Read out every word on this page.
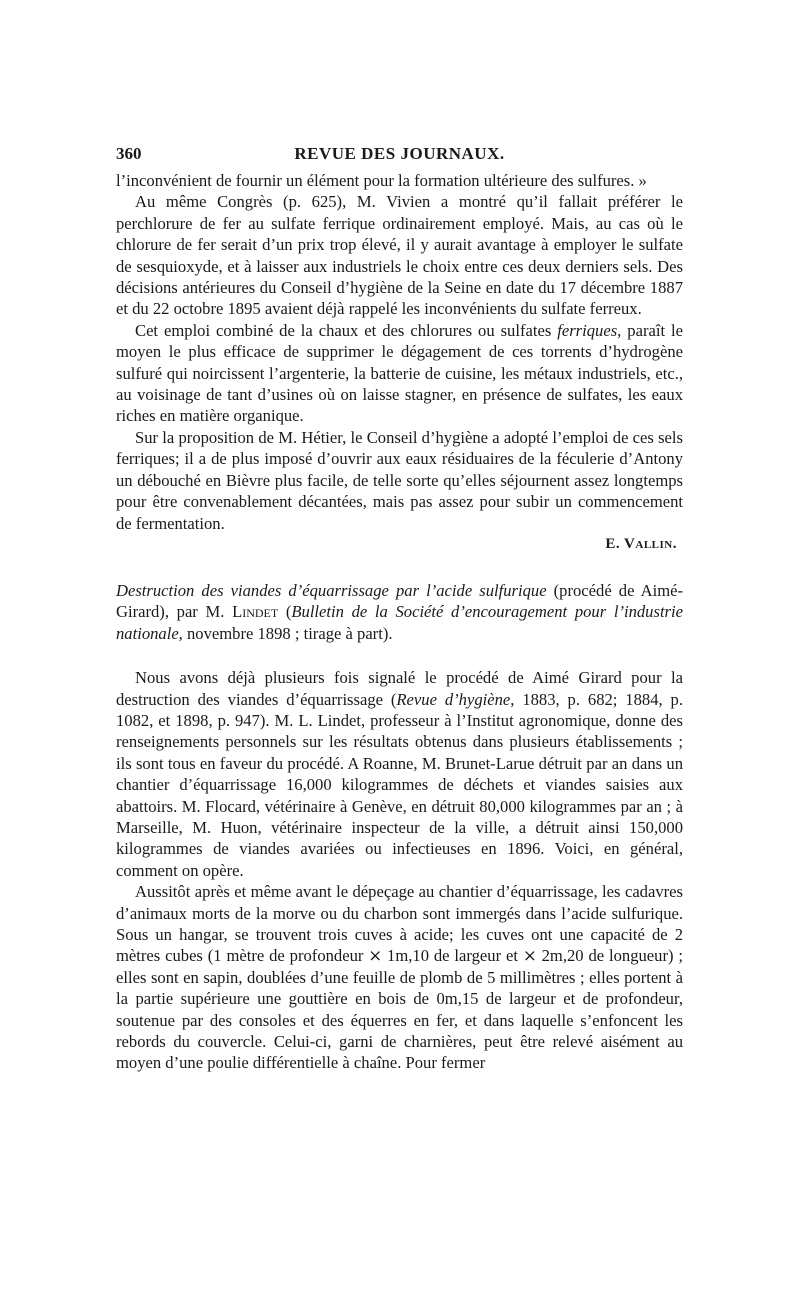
360	REVUE DES JOURNAUX.

l’inconvénient de fournir un élément pour la formation ultérieure des sulfures. »

Au même Congrès (p. 625), M. Vivien a montré qu’il fallait préférer le perchlorure de fer au sulfate ferrique ordinairement employé. Mais, au cas où le chlorure de fer serait d’un prix trop élevé, il y aurait avantage à employer le sulfate de sesquioxyde, et à laisser aux industriels le choix entre ces deux derniers sels. Des décisions antérieures du Conseil d’hygiène de la Seine en date du 17 décembre 1887 et du 22 octobre 1895 avaient déjà rappelé les inconvénients du sulfate ferreux.

Cet emploi combiné de la chaux et des chlorures ou sulfates ferriques, paraît le moyen le plus efficace de supprimer le dégagement de ces torrents d’hydrogène sulfuré qui noircissent l’argenterie, la batterie de cuisine, les métaux industriels, etc., au voisinage de tant d’usines où on laisse stagner, en présence de sulfates, les eaux riches en matière organique.

Sur la proposition de M. Hétier, le Conseil d’hygiène a adopté l’emploi de ces sels ferriques; il a de plus imposé d’ouvrir aux eaux résiduaires de la féculerie d’Antony un débouché en Bièvre plus facile, de telle sorte qu’elles séjournent assez longtemps pour être convenablement décantées, mais pas assez pour subir un commencement de fermentation.

E. Vallin.

Destruction des viandes d’équarrissage par l’acide sulfurique (procédé de Aimé-Girard), par M. Lindet (Bulletin de la Société d’encouragement pour l’industrie nationale, novembre 1898 ; tirage à part).

Nous avons déjà plusieurs fois signalé le procédé de Aimé Girard pour la destruction des viandes d’équarrissage (Revue d’hygiène, 1883, p. 682; 1884, p. 1082, et 1898, p. 947). M. L. Lindet, professeur à l’Institut agronomique, donne des renseignements personnels sur les résultats obtenus dans plusieurs établissements ; ils sont tous en faveur du procédé. A Roanne, M. Brunet-Larue détruit par an dans un chantier d’équarrissage 16,000 kilogrammes de déchets et viandes saisies aux abattoirs. M. Flocard, vétérinaire à Genève, en détruit 80,000 kilogrammes par an ; à Marseille, M. Huon, vétérinaire inspecteur de la ville, a détruit ainsi 150,000 kilogrammes de viandes avariées ou infectieuses en 1896. Voici, en général, comment on opère.

Aussitôt après et même avant le dépeçage au chantier d’équarrissage, les cadavres d’animaux morts de la morve ou du charbon sont immergés dans l’acide sulfurique. Sous un hangar, se trouvent trois cuves à acide; les cuves ont une capacité de 2 mètres cubes (1 mètre de profondeur ⨯ 1m,10 de largeur et ⨯ 2m,20 de longueur) ; elles sont en sapin, doublées d’une feuille de plomb de 5 millimètres ; elles portent à la partie supérieure une gouttière en bois de 0m,15 de largeur et de profondeur, soutenue par des consoles et des équerres en fer, et dans laquelle s’enfoncent les rebords du couvercle. Celui-ci, garni de charnières, peut être relevé aisément au moyen d’une poulie différentielle à chaîne. Pour fermer
